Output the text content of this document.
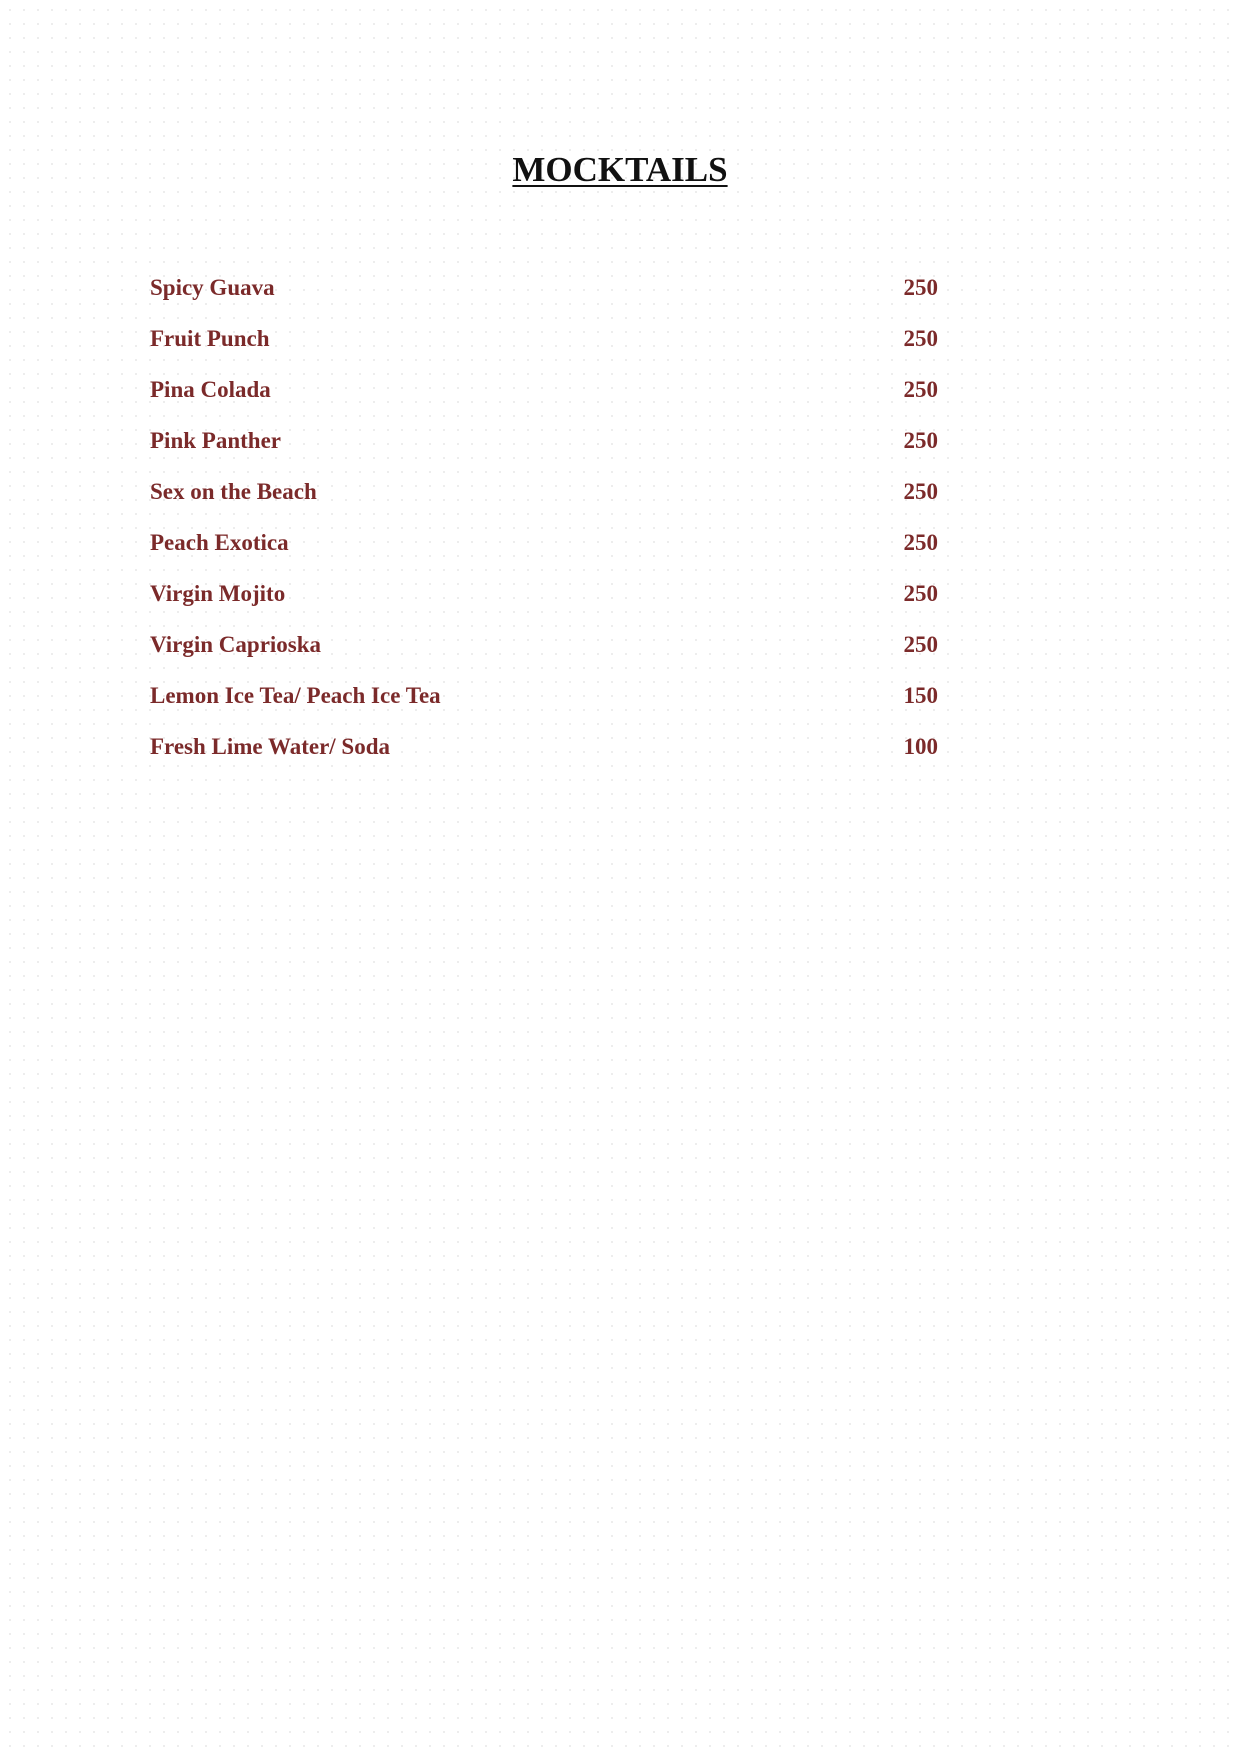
MOCKTAILS
Spicy Guava	250
Fruit Punch	250
Pina Colada	250
Pink Panther	250
Sex on the Beach	250
Peach Exotica	250
Virgin Mojito	250
Virgin Caprioska	250
Lemon Ice Tea/ Peach Ice Tea	150
Fresh Lime Water/ Soda	100
